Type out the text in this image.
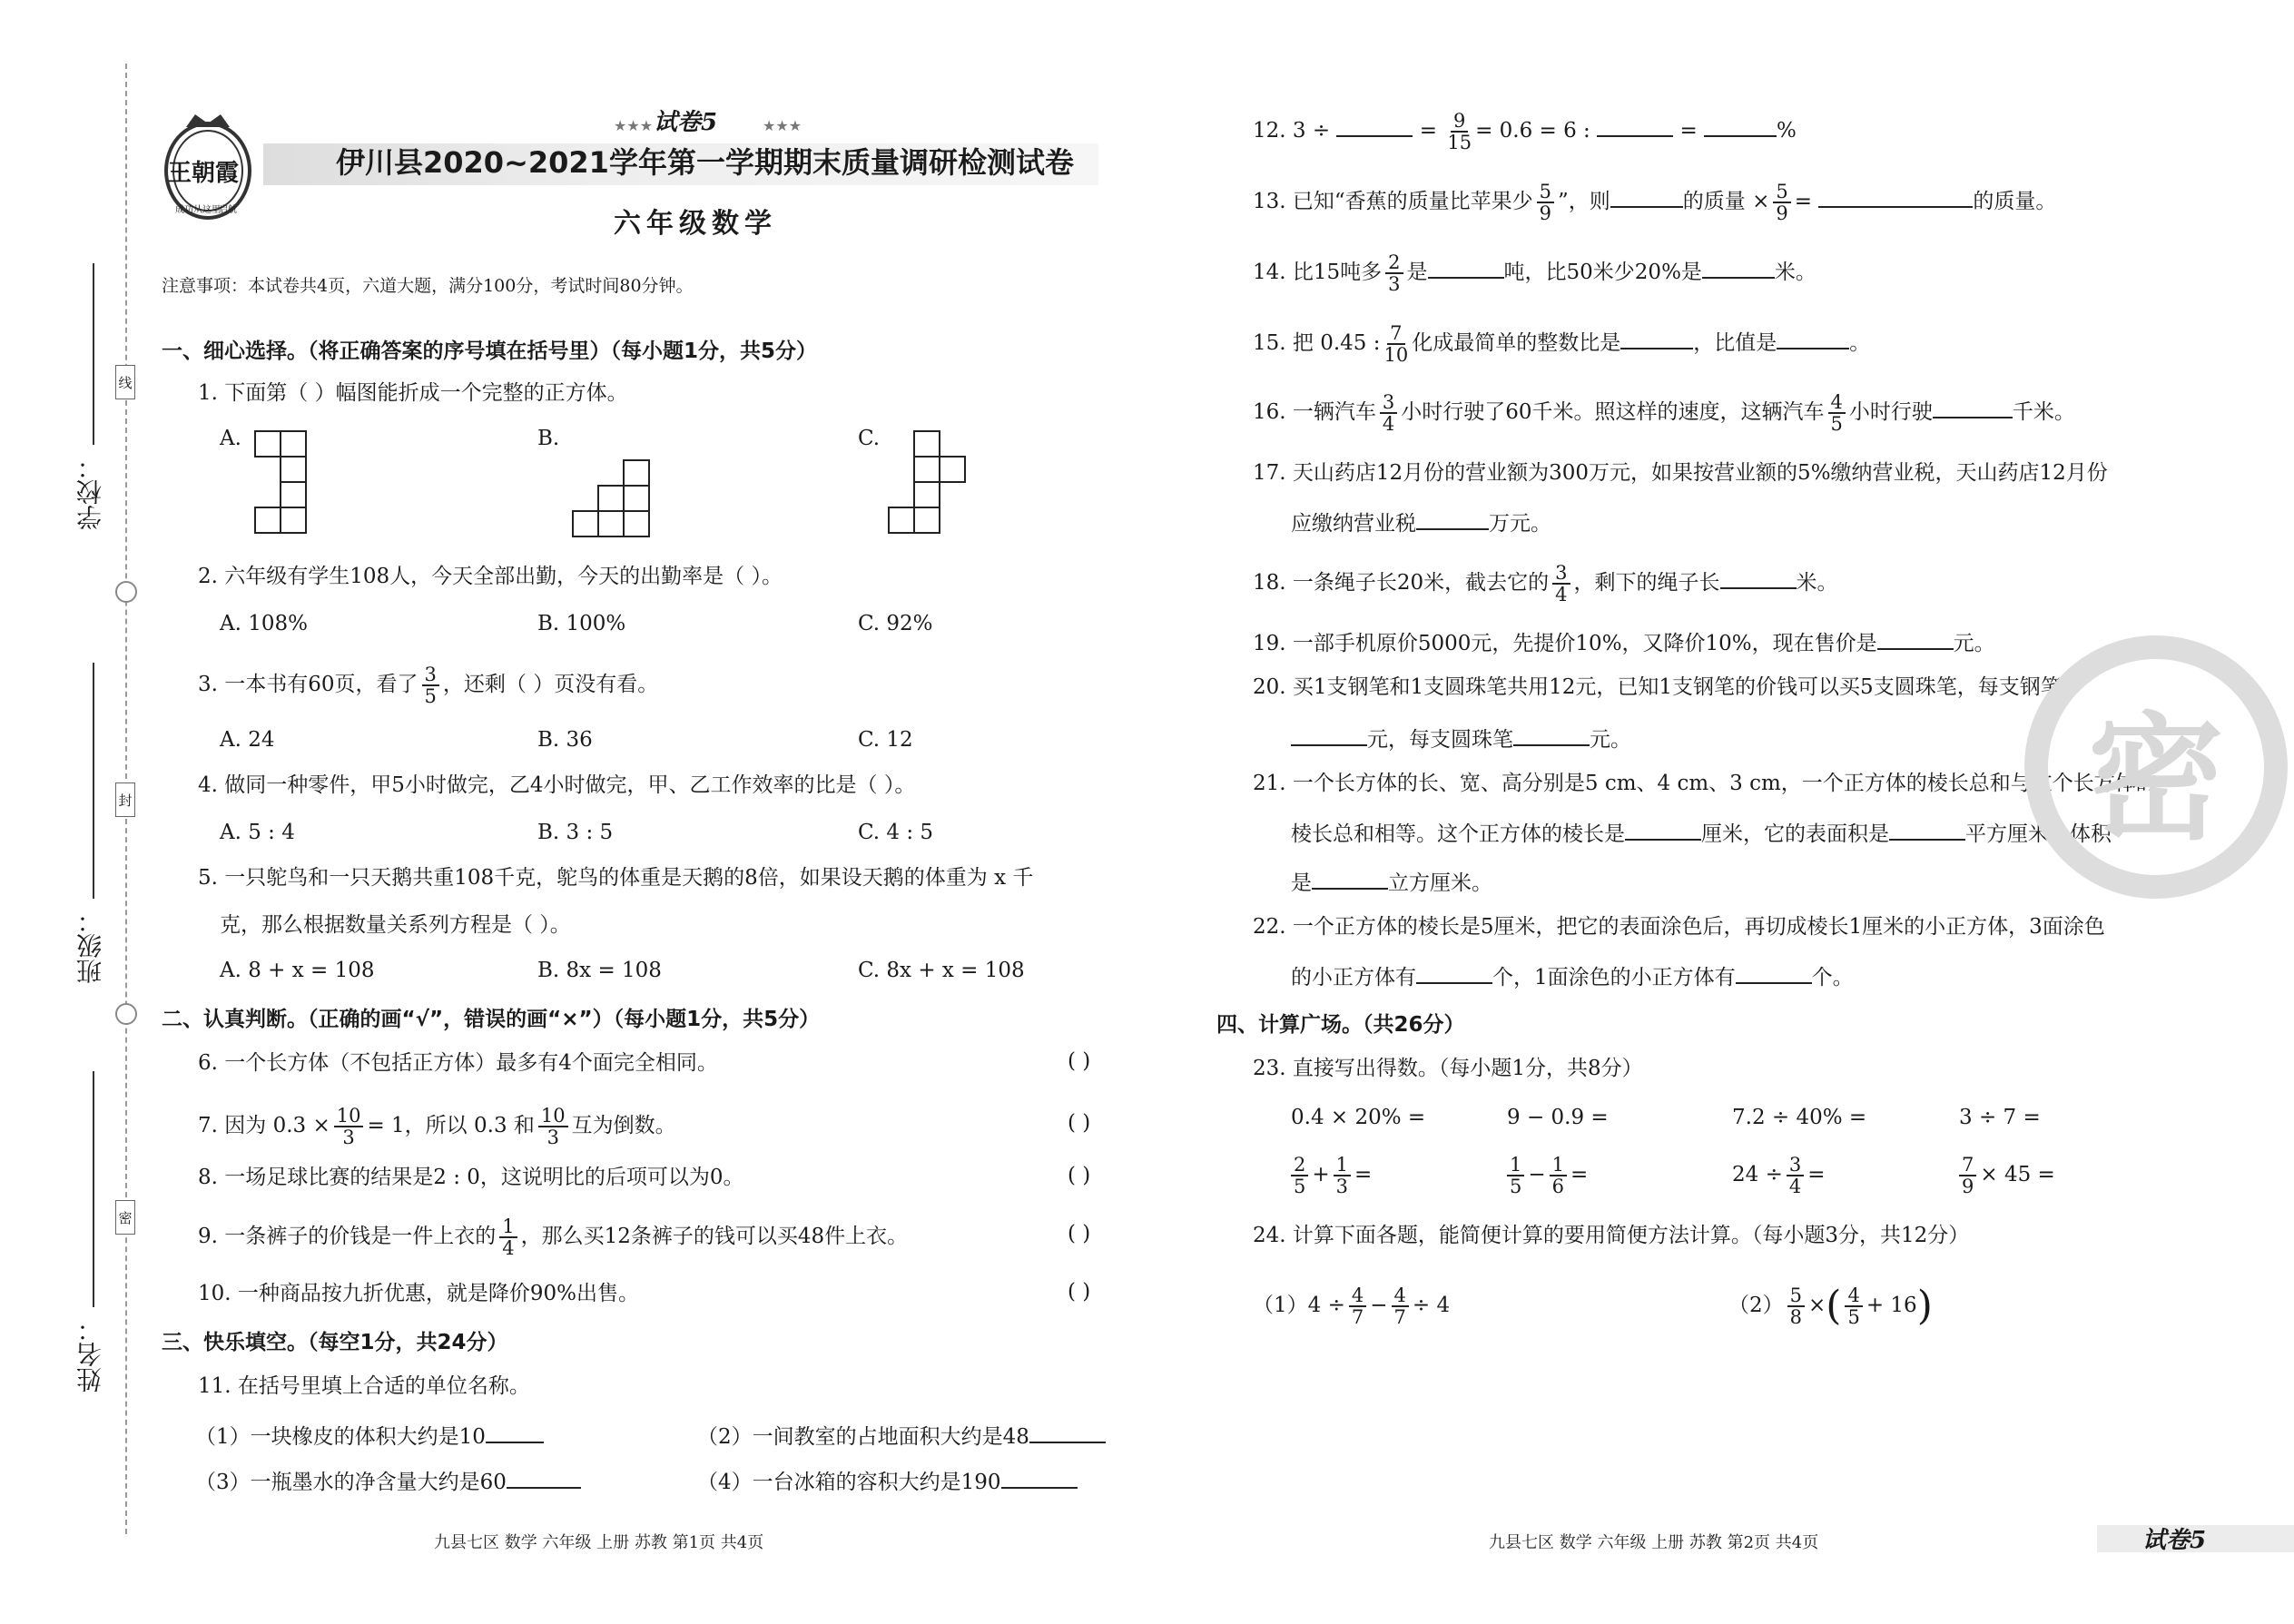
学校：
班级：
姓名：
线
封
密
王朝霞
成功从这里
启航
★★★ 试卷5	★★★
伊川县2020~2021学年第一学期期末质量调研检测试卷
六年级数学
注意事项：本试卷共4页，六道大题，满分100分，考试时间80分钟。
一、细心选择。（将正确答案的序号填在括号里）（每小题1分，共5分）
1. 下面第（ ）幅图能折成一个完整的正方体。
A.	B.	C.
2. 六年级有学生108人，今天全部出勤，今天的出勤率是（ ）。
A. 108%	B. 100%	C. 92%
3. 一本书有60页，看了 $\frac{3}{5}$ ，还剩（ ）页没有看。
A. 24	B. 36	C. 12
4. 做同一种零件，甲5小时做完，乙4小时做完，甲、乙工作效率的比是（ ）。
A. 5 : 4	B. 3 : 5	C. 4 : 5
5. 一只鸵鸟和一只天鹅共重108千克，鸵鸟的体重是天鹅的8倍，如果设天鹅的体重为 x 千
克，那么根据数量关系列方程是（ ）。
A. 8 + x = 108	B. 8x = 108	C. 8x + x = 108
二、认真判断。（正确的画“√”，错误的画“×”）（每小题1分，共5分）
6. 一个长方体（不包括正方体）最多有4个面完全相同。	( )
7. 因为 $0.3 \times \frac{10}{3} = 1$，所以 0.3 和 $\frac{10}{3}$ 互为倒数。	( )
8. 一场足球比赛的结果是2 : 0，这说明比的后项可以为0。	( )
9. 一条裤子的价钱是一件上衣的 $\frac{1}{4}$ ，那么买12条裤子的钱可以买48件上衣。	( )
10. 一种商品按九折优惠，就是降价90%出售。	( )
三、快乐填空。（每空1分，共24分）
11. 在括号里填上合适的单位名称。
（1）一块橡皮的体积大约是10	（2）一间教室的占地面积大约是48
（3）一瓶墨水的净含量大约是60	（4）一台冰箱的容积大约是190
九县七区 数学 六年级 上册 苏教 第1页 共4页
12. 3 ÷	= $\frac{9}{15} = 0.6 = 6$ :	=	%
13. 已知“香蕉的质量比苹果少 $\frac{5}{9}$ ”，则	的质量 × $\frac{5}{9}$ =	的质量。
14. 比15吨多 $\frac{2}{3}$ 是	吨，比50米少20%是	米。
15. 把 0.45 : $\frac{7}{10}$ 化成最简单的整数比是	，比值是	。
16. 一辆汽车 $\frac{3}{4}$ 小时行驶了60千米。照这样的速度，这辆汽车 $\frac{4}{5}$ 小时行驶	千米。
17. 天山药店12月份的营业额为300万元，如果按营业额的5%缴纳营业税，天山药店12月份
应缴纳营业税	万元。
18. 一条绳子长20米，截去它的 $\frac{3}{4}$ ，剩下的绳子长	米。
19. 一部手机原价5000元，先提价10%，又降价10%，现在售价是	元。
20. 买1支钢笔和1支圆珠笔共用12元，已知1支钢笔的价钱可以买5支圆珠笔，每支钢笔
元，每支圆珠笔	元。
21. 一个长方体的长、宽、高分别是5 cm、4 cm、3 cm，一个正方体的棱长总和与这个长方体的
棱长总和相等。这个正方体的棱长是	厘米，它的表面积是	平方厘米，体积
是	立方厘米。
22. 一个正方体的棱长是5厘米，把它的表面涂色后，再切成棱长1厘米的小正方体，3面涂色
的小正方体有	个，1面涂色的小正方体有	个。
四、计算广场。（共26分）
23. 直接写出得数。（每小题1分，共8分）
0.4 × 20% =	9 − 0.9 =	7.2 ÷ 40% =	3 ÷ 7 =
$\frac{2}{5} + \frac{1}{3}$ =	$\frac{1}{5} - \frac{1}{6}$ =	$24 \div \frac{3}{4}$ =	$\frac{7}{9} \times 45$ =
24. 计算下面各题，能简便计算的要用简便方法计算。（每小题3分，共12分）
$(1)4 \div \frac{4}{7} - \frac{4}{7} \div 4$	$(2) \frac{5}{8}$ ×( $\frac{4}{5} + 16$)
密
九县七区 数学 六年级 上册 苏教 第2页 共4页	试卷5
